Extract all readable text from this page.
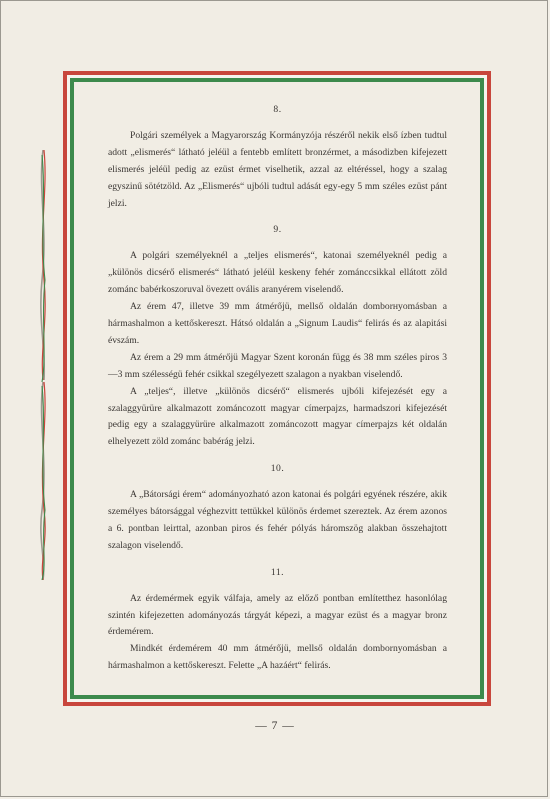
8.

Polgári személyek a Magyarország Kormányzója részéről nekik első ízben tudtul adott „elismerés“ látható jeléül a fentebb említett bronzérmet, a másodizben kifejezett elismerés jeléül pedig az ezüst érmet viselhetik, azzal az eltéréssel, hogy a szalag egyszinű sötétzöld. Az „Elismerés“ ujbóli tudtul adását egy-egy 5 mm széles ezüst pánt jelzi.

9.

A polgári személyeknél a „teljes elismerés“, katonai személyeknél pedig a „különös dicsérő elismerés“ látható jeléül keskeny fehér zománccsikkal ellátott zöld zománc babérkoszoruval övezett ovális aranyérem viselendő.

Az érem 47, illetve 39 mm átmérőjü, mellső oldalán domborнyomásban a hármashalmon a kettőskereszt. Hátsó oldalán a „Signum Laudis“ felirás és az alapitási évszám.

Az érem a 29 mm átmérőjü Magyar Szent koronán függ és 38 mm széles piros 3—3 mm szélességü fehér csikkal szegélyezett szalagon a nyakban viselendő.

A „teljes“, illetve „különös dicsérő“ elismerés ujbóli kifejezését egy a szalaggyürüre alkalmazott zománcozott magyar címerpajzs, harmadszori kifejezését pedig egy a szalaggyürüre alkalmazott zománcozott magyar címerpajzs két oldalán elhelyezett zöld zománc babérág jelzi.

10.

A „Bátorsági érem“ adományozható azon katonai és polgári egyének részére, akik személyes bátorsággal véghezvitt tettükkel különös érdemet szereztek. Az érem azonos a 6. pontban leirttal, azonban piros és fehér pólyás háromszög alakban összehajtott szalagon viselendő.

11.

Az érdemérmek egyik válfaja, amely az előző pontban említetthez hasonlólag szintén kifejezetten adományozás tárgyát képezi, a magyar ezüst és a magyar bronz érdemérem.

Mindkét érdemérem 40 mm átmérőjü, mellső oldalán dombornyomásban a hármashalmon a kettőskereszt. Felette „A hazáért“ felirás.

— 7 —
